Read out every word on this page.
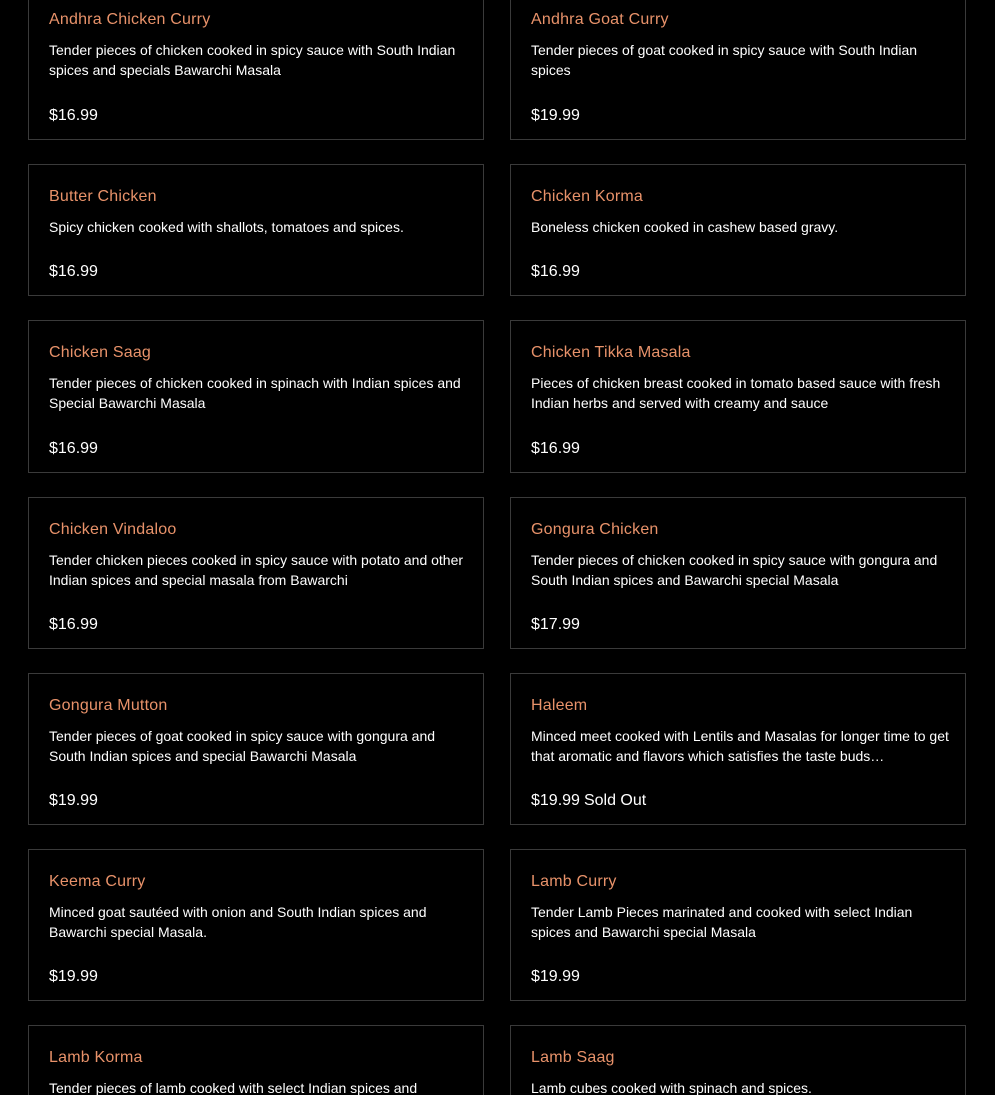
Andhra Chicken Curry

Tender pieces of chicken cooked in spicy sauce with South Indian spices and specials Bawarchi Masala

$16.99
Andhra Goat Curry

Tender pieces of goat cooked in spicy sauce with South Indian spices

$19.99
Butter Chicken

Spicy chicken cooked with shallots, tomatoes and spices.

$16.99
Chicken Korma

Boneless chicken cooked in cashew based gravy.

$16.99
Chicken Saag

Tender pieces of chicken cooked in spinach with Indian spices and Special Bawarchi Masala

$16.99
Chicken Tikka Masala

Pieces of chicken breast cooked in tomato based sauce with fresh Indian herbs and served with creamy and sauce

$16.99
Chicken Vindaloo

Tender chicken pieces cooked in spicy sauce with potato and other Indian spices and special masala from Bawarchi

$16.99
Gongura Chicken

Tender pieces of chicken cooked in spicy sauce with gongura and South Indian spices and Bawarchi special Masala

$17.99
Gongura Mutton

Tender pieces of goat cooked in spicy sauce with gongura and South Indian spices and special Bawarchi Masala

$19.99
Haleem

Minced meet cooked with Lentils and Masalas for longer time to get that aromatic and flavors which satisfies the taste buds…

$19.99 Sold Out
Keema Curry

Minced goat sautéed with onion and South Indian spices and Bawarchi special Masala.

$19.99
Lamb Curry

Tender Lamb Pieces marinated and cooked with select Indian spices and Bawarchi special Masala

$19.99
Lamb Korma

Tender pieces of lamb cooked with select Indian spices and

Lamb Saag

Lamb cubes cooked with spinach and spices.
